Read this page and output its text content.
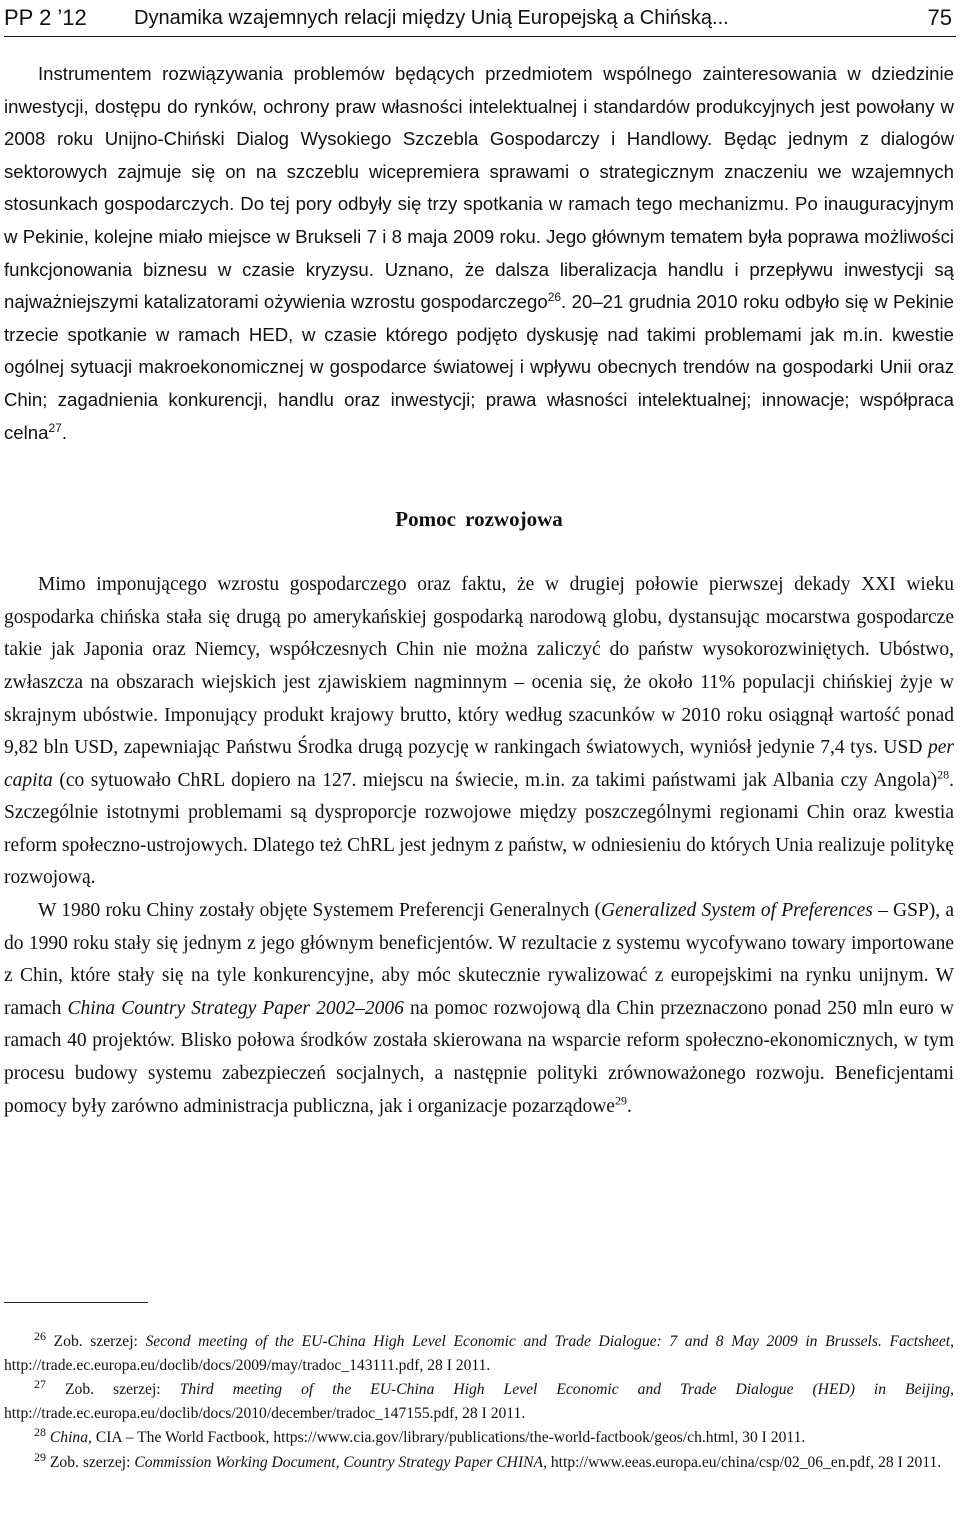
PP 2 ’12 Dynamika wzajemnych relacji między Unią Europejską a Chińską...	75

Instrumentem rozwiązywania problemów będących przedmiotem wspólnego zainteresowania w dziedzinie inwestycji, dostępu do rynków, ochrony praw własności intelektualnej i standardów produkcyjnych jest powołany w 2008 roku Unijno-Chiński Dialog Wysokiego Szczebla Gospodarczy i Handlowy. Będąc jednym z dialogów sektorowych zajmuje się on na szczeblu wicepremiera sprawami o strategicznym znaczeniu we wzajemnych stosunkach gospodarczych. Do tej pory odbyły się trzy spotkania w ramach tego mechanizmu. Po inauguracyjnym w Pekinie, kolejne miało miejsce w Brukseli 7 i 8 maja 2009 roku. Jego głównym tematem była poprawa możliwości funkcjonowania biznesu w czasie kryzysu. Uznano, że dalsza liberalizacja handlu i przepływu inwestycji są najważniejszymi katalizatorami ożywienia wzrostu gospodarczego$^{26}$. 20–21 grudnia 2010 roku odbyło się w Pekinie trzecie spotkanie w ramach HED, w czasie którego podjęto dyskusję nad takimi problemami jak m.in. kwestie ogólnej sytuacji makroekonomicznej w gospodarce światowej i wpływu obecnych trendów na gospodarki Unii oraz Chin; zagadnienia konkurencji, handlu oraz inwestycji; prawa własności intelektualnej; innowacje; współpraca celna$^{27}$.

Pomoc rozwojowa

Mimo imponującego wzrostu gospodarczego oraz faktu, że w drugiej połowie pierwszej dekady XXI wieku gospodarka chińska stała się drugą po amerykańskiej gospodarką narodową globu, dystansując mocarstwa gospodarcze takie jak Japonia oraz Niemcy, współczesnych Chin nie można zaliczyć do państw wysokorozwiniętych. Ubóstwo, zwłaszcza na obszarach wiejskich jest zjawiskiem nagminnym – ocenia się, że około 11% populacji chińskiej żyje w skrajnym ubóstwie. Imponujący produkt krajowy brutto, który według szacunków w 2010 roku osiągnął wartość ponad 9,82 bln USD, zapewniając Państwu Środka drugą pozycję w rankingach światowych, wyniósł jedynie 7,4 tys. USD per capita (co sytuowało ChRL dopiero na 127. miejscu na świecie, m.in. za takimi państwami jak Albania czy Angola)$^{28}$. Szczególnie istotnymi problemami są dysproporcje rozwojowe między poszczególnymi regionami Chin oraz kwestia reform społeczno-ustrojowych. Dlatego też ChRL jest jednym z państw, w odniesieniu do których Unia realizuje politykę rozwojową.

W 1980 roku Chiny zostały objęte Systemem Preferencji Generalnych (Generalized System of Preferences – GSP), a do 1990 roku stały się jednym z jego głównym beneficjentów. W rezultacie z systemu wycofywano towary importowane z Chin, które stały się na tyle konkurencyjne, aby móc skutecznie rywalizować z europejskimi na rynku unijnym. W ramach China Country Strategy Paper 2002–2006 na pomoc rozwojową dla Chin przeznaczono ponad 250 mln euro w ramach 40 projektów. Blisko połowa środków została skierowana na wsparcie reform społeczno-ekonomicznych, w tym procesu budowy systemu zabezpieczeń socjalnych, a następnie polityki zrównoważonego rozwoju. Beneficjentami pomocy były zarówno administracja publiczna, jak i organizacje pozarządowe$^{29}$.

$^{26}$ Zob. szerzej: Second meeting of the EU-China High Level Economic and Trade Dialogue: 7 and 8 May 2009 in Brussels. Factsheet, http://trade.ec.europa.eu/doclib/docs/2009/may/tradoc_143111.pdf, 28 I 2011.

$^{27}$ Zob. szerzej: Third meeting of the EU-China High Level Economic and Trade Dialogue (HED) in Beijing, http://trade.ec.europa.eu/doclib/docs/2010/december/tradoc_147155.pdf, 28 I 2011.

$^{28}$ China, CIA – The World Factbook, https://www.cia.gov/library/publications/the-world-factbook/geos/ch.html, 30 I 2011.

$^{29}$ Zob. szerzej: Commission Working Document, Country Strategy Paper CHINA, http://www.eeas.europa.eu/china/csp/02_06_en.pdf, 28 I 2011.
